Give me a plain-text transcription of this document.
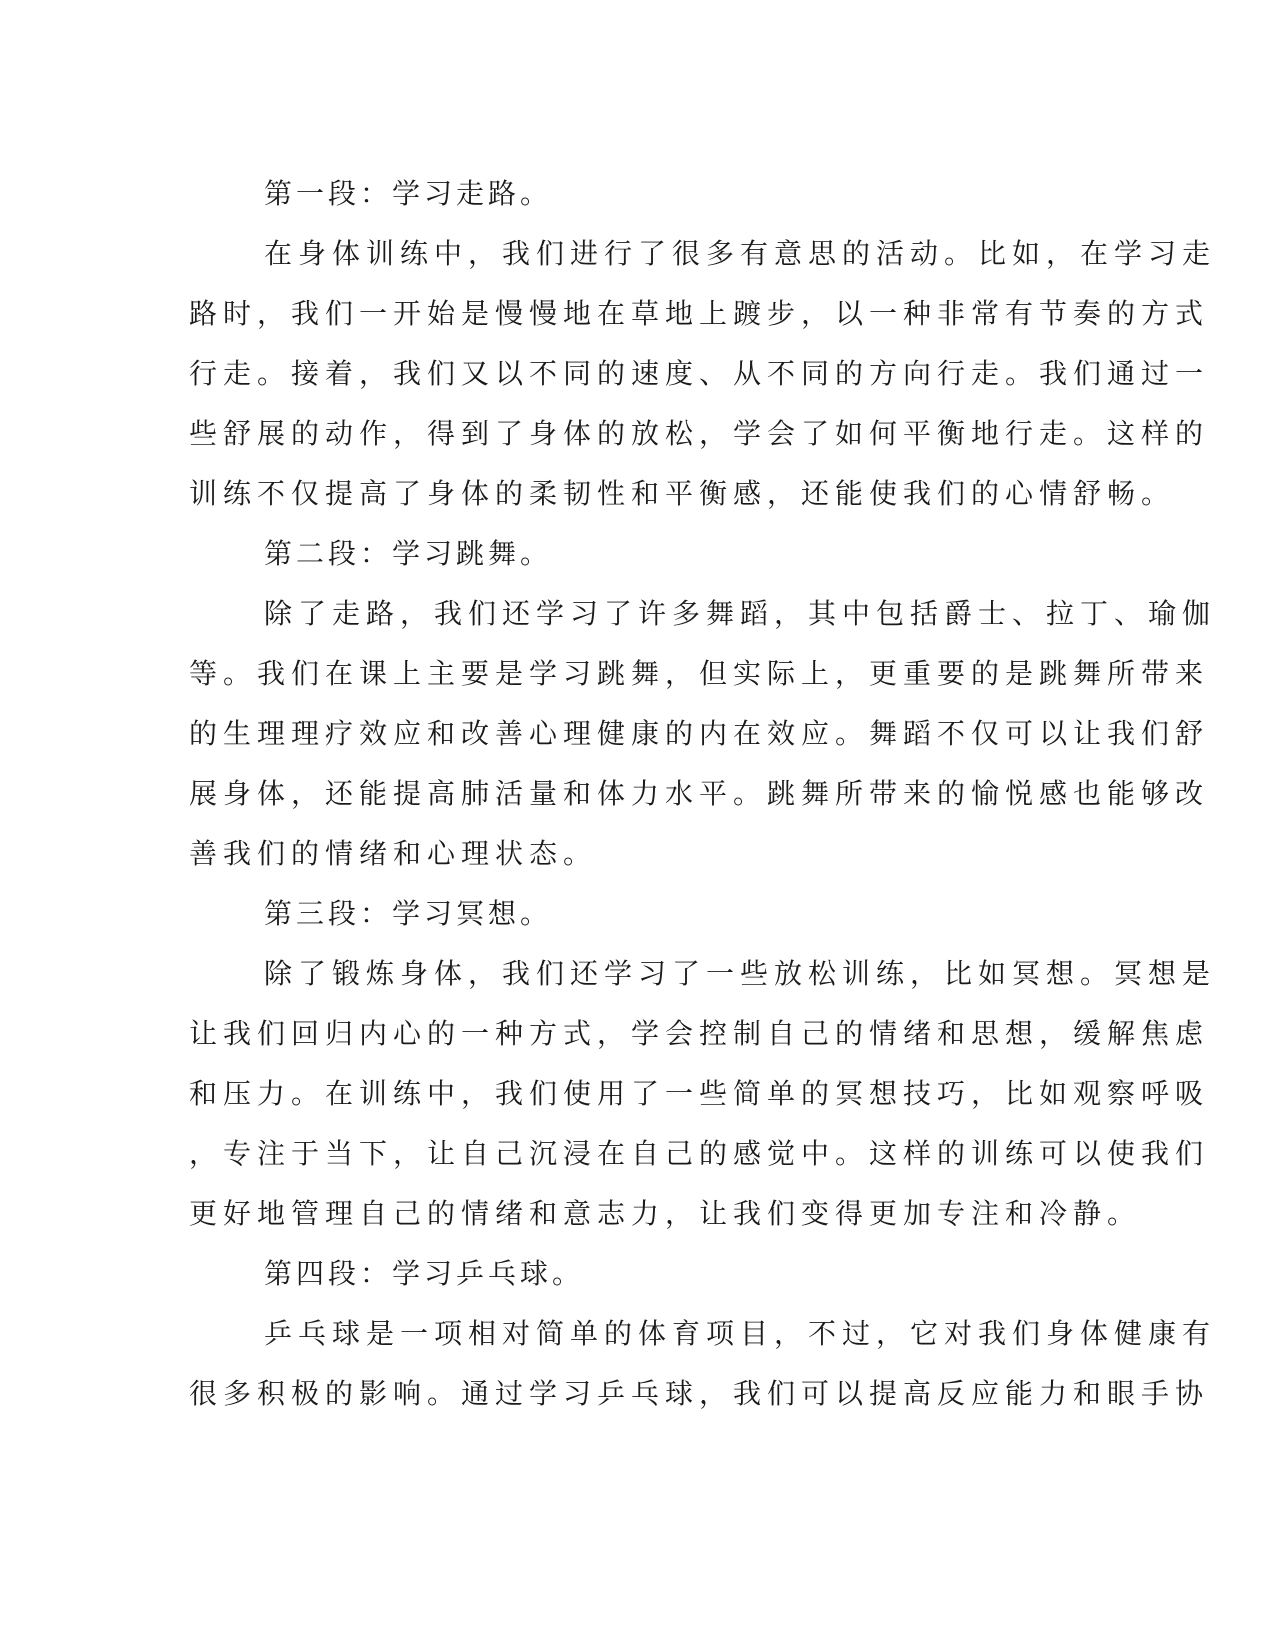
第一段：学习走路。

在身体训练中，我们进行了很多有意思的活动。比如，在学习走
路时，我们一开始是慢慢地在草地上踱步，以一种非常有节奏的方式
行走。接着，我们又以不同的速度、从不同的方向行走。我们通过一
些舒展的动作，得到了身体的放松，学会了如何平衡地行走。这样的
训练不仅提高了身体的柔韧性和平衡感，还能使我们的心情舒畅。

第二段：学习跳舞。

除了走路，我们还学习了许多舞蹈，其中包括爵士、拉丁、瑜伽
等。我们在课上主要是学习跳舞，但实际上，更重要的是跳舞所带来
的生理理疗效应和改善心理健康的内在效应。舞蹈不仅可以让我们舒
展身体，还能提高肺活量和体力水平。跳舞所带来的愉悦感也能够改
善我们的情绪和心理状态。

第三段：学习冥想。

除了锻炼身体，我们还学习了一些放松训练，比如冥想。冥想是
让我们回归内心的一种方式，学会控制自己的情绪和思想，缓解焦虑
和压力。在训练中，我们使用了一些简单的冥想技巧，比如观察呼吸
，专注于当下，让自己沉浸在自己的感觉中。这样的训练可以使我们
更好地管理自己的情绪和意志力，让我们变得更加专注和冷静。

第四段：学习乒乓球。

乒乓球是一项相对简单的体育项目，不过，它对我们身体健康有
很多积极的影响。通过学习乒乓球，我们可以提高反应能力和眼手协
